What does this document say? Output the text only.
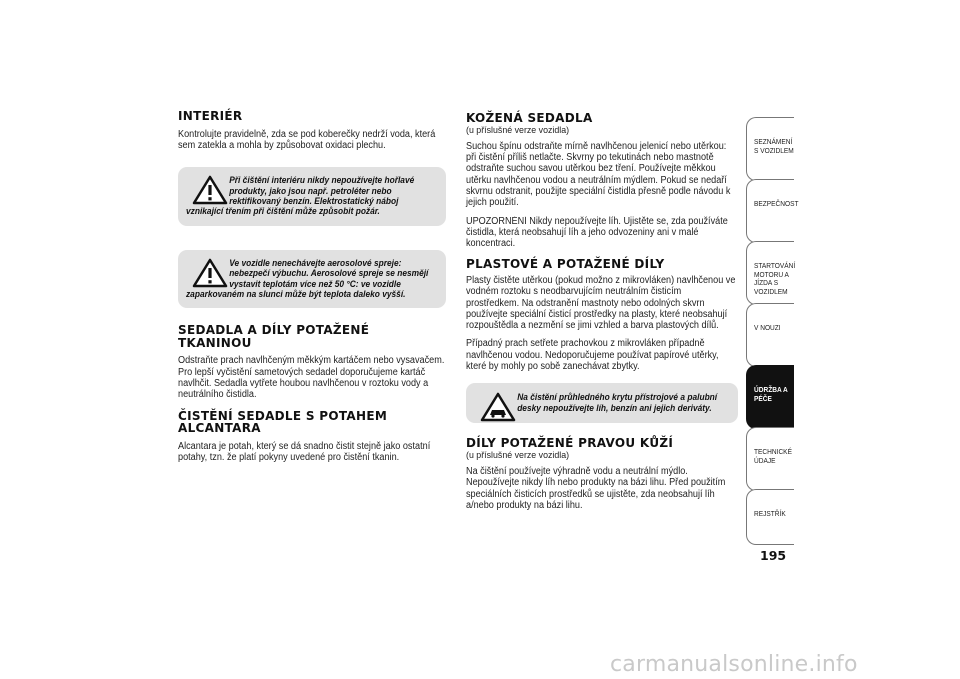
INTERIÉR

Kontrolujte pravidelně, zda se pod koberečky nedrží voda, která sem zatekla a mohla by způsobovat oxidaci plechu.

Při čištění interiéru nikdy nepoužívejte hořlavé produkty, jako jsou např. petroléter nebo rektifikovaný benzín. Elektrostatický náboj vznikající třením při čištění může způsobit požár.
Ve vozidle nenechávejte aerosolové spreje: nebezpečí výbuchu. Aerosolové spreje se nesmějí vystavit teplotám více než 50 °C: ve vozidle zaparkovaném na slunci může být teplota daleko vyšší.
SEDADLA A DÍLY POTAŽENÉ TKANINOU

Odstraňte prach navlhčeným měkkým kartáčem nebo vysavačem. Pro lepší vyčistění sametových sedadel doporučujeme kartáč navlhčit. Sedadla vytřete houbou navlhčenou v roztoku vody a neutrálního čistidla.

ČISTĚNÍ SEDADLE S POTAHEM ALCANTARA

Alcantara je potah, který se dá snadno čistit stejně jako ostatní potahy, tzn. že platí pokyny uvedené pro čistění tkanin.

KOŽENÁ SEDADLA

(u příslušné verze vozidla)

Suchou špínu odstraňte mírně navlhčenou jelenicí nebo utěrkou: při čistění příliš netlačte. Skvrny po tekutinách nebo mastnotě odstraňte suchou savou utěrkou bez tření. Používejte měkkou utěrku navlhčenou vodou a neutrálním mýdlem. Pokud se nedaří skvrnu odstranit, použijte speciální čistidla přesně podle návodu k jejich použití.

UPOZORNĚNÍ Nikdy nepoužívejte líh. Ujistěte se, zda používáte čistidla, která neobsahují líh a jeho odvozeniny ani v malé koncentraci.

PLASTOVÉ A POTAŽENÉ DÍLY

Plasty čistěte utěrkou (pokud možno z mikrovláken) navlhčenou ve vodném roztoku s neodbarvujícím neutrálním čisticím prostředkem. Na odstranění mastnoty nebo odolných skvrn používejte speciální čisticí prostředky na plasty, které neobsahují rozpouštědla a nezmění se jimi vzhled a barva plastových dílů.

Případný prach setřete prachovkou z mikrovláken případně navlhčenou vodou. Nedoporučujeme používat papírové utěrky, které by mohly po sobě zanechávat zbytky.

Na čistění průhledného krytu přístrojové a palubní desky nepoužívejte líh, benzín ani jejich deriváty.
DÍLY POTAŽENÉ PRAVOU KŮŽÍ

(u příslušné verze vozidla)

Na čištění používejte výhradně vodu a neutrální mýdlo. Nepoužívejte nikdy líh nebo produkty na bázi lihu. Před použitím speciálních čisticích prostředků se ujistěte, zda neobsahují líh a/nebo produkty na bázi lihu.

SEZNÁMENÍ S VOZIDLEM
BEZPEČNOST
STARTOVÁNÍ MOTORU A JÍZDA S VOZIDLEM
V NOUZI
ÚDRŽBA A PÉČE
TECHNICKÉ ÚDAJE
REJSTŘÍK
195
carmanualsonline.info
